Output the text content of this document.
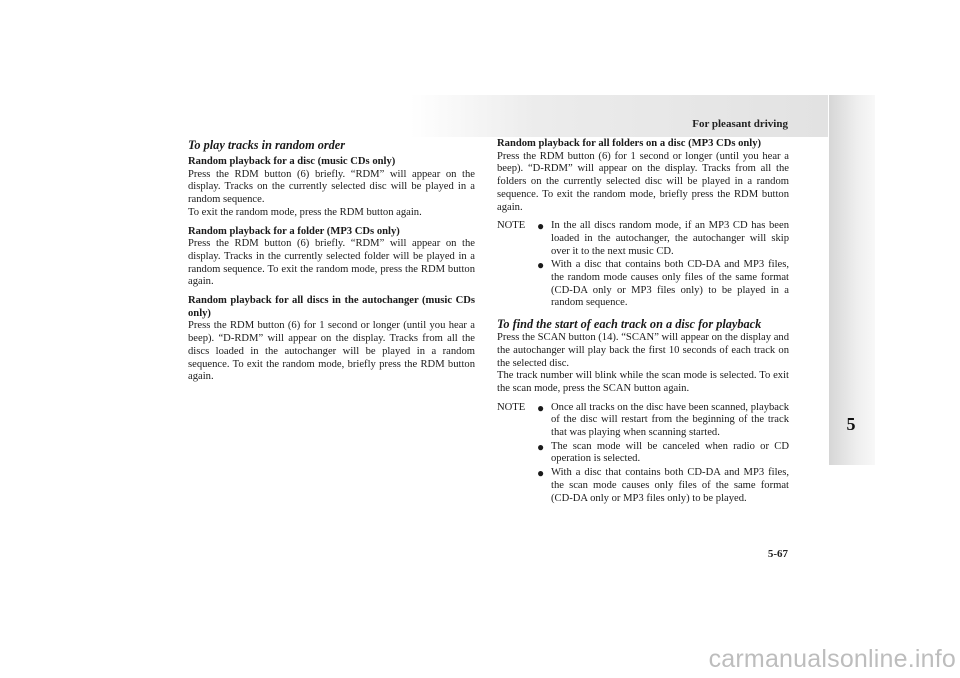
For pleasant driving
5
To play tracks in random order
Random playback for a disc (music CDs only)

Press the RDM button (6) briefly. “RDM” will appear on the display. Tracks on the currently selected disc will be played in a random sequence.

To exit the random mode, press the RDM button again.

Random playback for a folder (MP3 CDs only)

Press the RDM button (6) briefly. “RDM” will appear on the display. Tracks in the currently selected folder will be played in a random sequence. To exit the random mode, press the RDM button again.

Random playback for all discs in the autochanger (music CDs only)

Press the RDM button (6) for 1 second or longer (until you hear a beep). “D-RDM” will appear on the display. Tracks from all the discs loaded in the autochanger will be played in a random sequence. To exit the random mode, briefly press the RDM button again.

Random playback for all folders on a disc (MP3 CDs only)

Press the RDM button (6) for 1 second or longer (until you hear a beep). “D-RDM” will appear on the display. Tracks from all the folders on the currently selected disc will be played in a random sequence. To exit the random mode, briefly press the RDM button again.

NOTE ● In the all discs random mode, if an MP3 CD has been loaded in the autochanger, the autochanger will skip over it to the next music CD.
● With a disc that contains both CD-DA and MP3 files, the random mode causes only files of the same format (CD-DA only or MP3 files only) to be played in a random sequence.
To find the start of each track on a disc for playback

Press the SCAN button (14). “SCAN” will appear on the display and the autochanger will play back the first 10 seconds of each track on the selected disc.

The track number will blink while the scan mode is selected. To exit the scan mode, press the SCAN button again.

NOTE ● Once all tracks on the disc have been scanned, playback of the disc will restart from the beginning of the track that was playing when scanning started.
● The scan mode will be canceled when radio or CD operation is selected.
● With a disc that contains both CD-DA and MP3 files, the scan mode causes only files of the same format (CD-DA only or MP3 files only) to be played.
5-67
carmanualsonline.info
